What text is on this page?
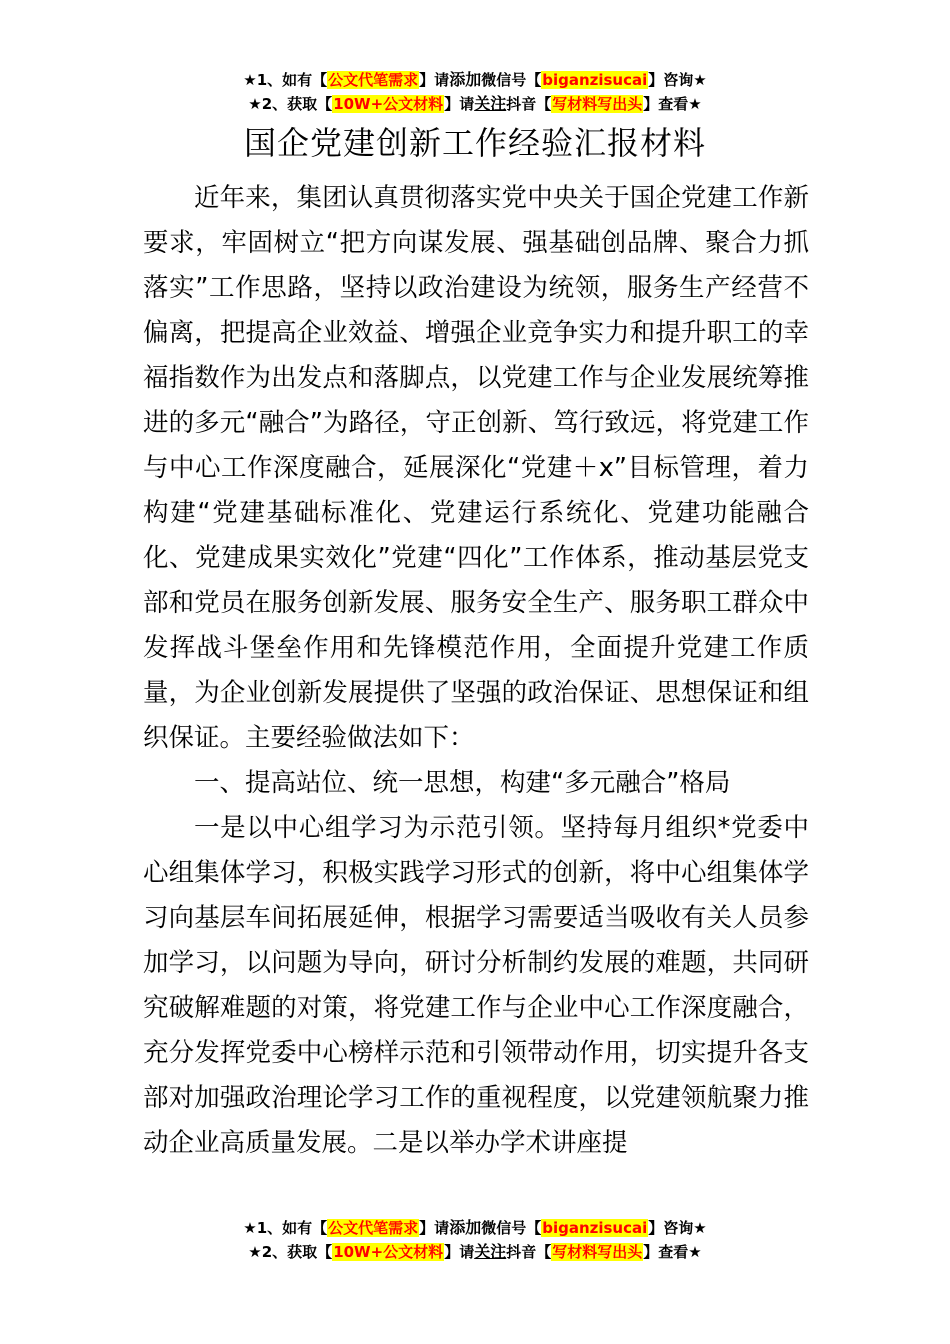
★1、如有【公文代笔需求】请添加微信号【biganzisucai】咨询★
★2、获取【10W+公文材料】请关注抖音【写材料写出头】查看★
国企党建创新工作经验汇报材料

近年来，集团认真贯彻落实党中央关于国企党建工作新要求，牢固树立“把方向谋发展、强基础创品牌、聚合力抓落实”工作思路，坚持以政治建设为统领，服务生产经营不偏离，把提高企业效益、增强企业竞争实力和提升职工的幸福指数作为出发点和落脚点，以党建工作与企业发展统筹推进的多元“融合”为路径，守正创新、笃行致远，将党建工作与中心工作深度融合，延展深化“党建＋x”目标管理，着力构建“党建基础标准化、党建运行系统化、党建功能融合化、党建成果实效化”党建“四化”工作体系，推动基层党支部和党员在服务创新发展、服务安全生产、服务职工群众中发挥战斗堡垒作用和先锋模范作用，全面提升党建工作质量，为企业创新发展提供了坚强的政治保证、思想保证和组织保证。主要经验做法如下：

一、提高站位、统一思想，构建“多元融合”格局

一是以中心组学习为示范引领。坚持每月组织*党委中心组集体学习，积极实践学习形式的创新，将中心组集体学习向基层车间拓展延伸，根据学习需要适当吸收有关人员参加学习，以问题为导向，研讨分析制约发展的难题，共同研究破解难题的对策，将党建工作与企业中心工作深度融合，充分发挥党委中心榜样示范和引领带动作用，切实提升各支部对加强政治理论学习工作的重视程度，以党建领航聚力推动企业高质量发展。二是以举办学术讲座提

★1、如有【公文代笔需求】请添加微信号【biganzisucai】咨询★
★2、获取【10W+公文材料】请关注抖音【写材料写出头】查看★
